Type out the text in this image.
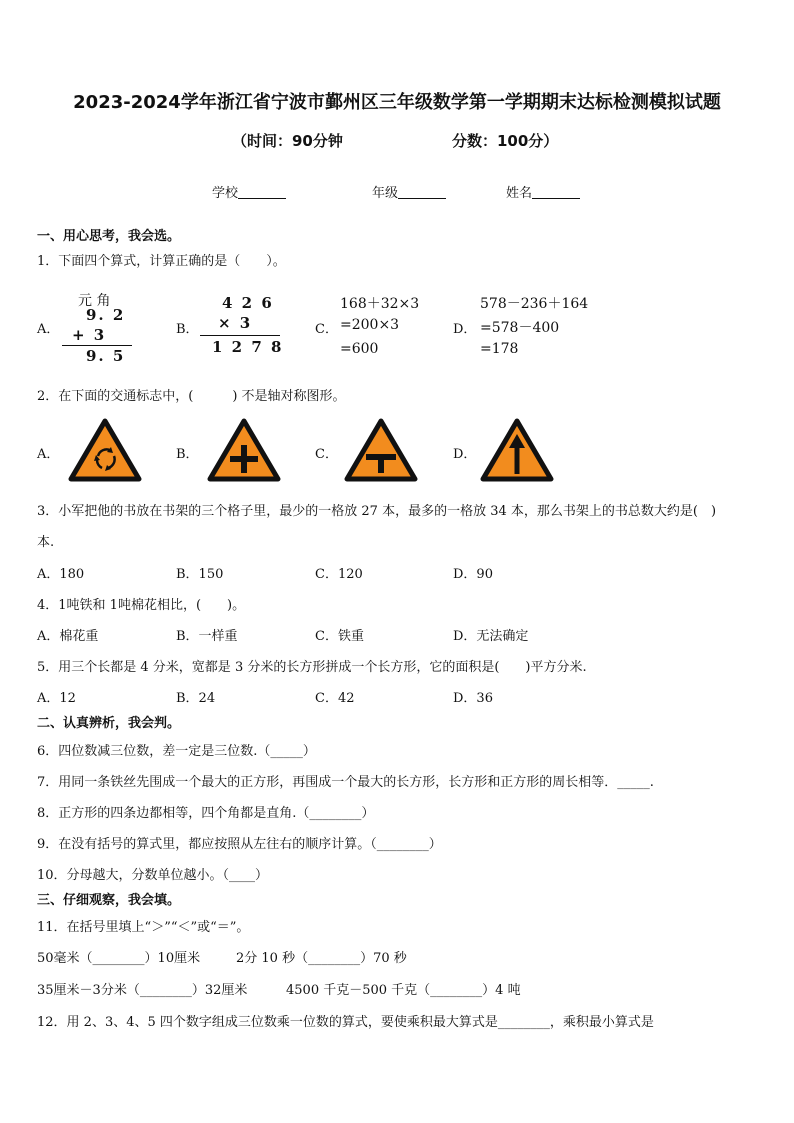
2023-2024学年浙江省宁波市鄞州区三年级数学第一学期期末达标检测模拟试题
（时间：90分钟	分数：100分）
学校	年级	姓名
一、用心思考，我会选。
1．下面四个算式，计算正确的是（　　）。
A．
元 角
9. 2
+ 3
9. 5
B．
4 2 6
× 3
1 2 7 8
C．
168＋32×3
=200×3
=600
D．
578－236＋164
=578－400
=178
2．在下面的交通标志中，(　　　) 不是轴对称图形。
A．	B．	C．	D．
3．小军把他的书放在书架的三个格子里，最少的一格放 27 本，最多的一格放 34 本，那么书架上的书总数大约是(　)
本.
A．180	B．150	C．120	D．90
4．1吨铁和 1吨棉花相比，(　　)。
A．棉花重	B．一样重	C．铁重	D．无法确定
5．用三个长都是 4 分米，宽都是 3 分米的长方形拼成一个长方形，它的面积是(　　)平方分米.
A．12	B．24	C．42	D．36
二、认真辨析，我会判。
6．四位数减三位数，差一定是三位数.（_____）
7．用同一条铁丝先围成一个最大的正方形，再围成一个最大的长方形，长方形和正方形的周长相等．_____.
8．正方形的四条边都相等，四个角都是直角.（________）
9．在没有括号的算式里，都应按照从左往右的顺序计算。（________）
10．分母越大，分数单位越小。（____）
三、仔细观察，我会填。
11．在括号里填上“＞”“＜”或“＝”。
50毫米（________）10厘米	2分 10 秒（________）70 秒
35厘米－3分米（________）32厘米	4500 千克－500 千克（________）4 吨
12．用 2、3、4、5 四个数字组成三位数乘一位数的算式，要使乘积最大算式是________，乘积最小算式是
